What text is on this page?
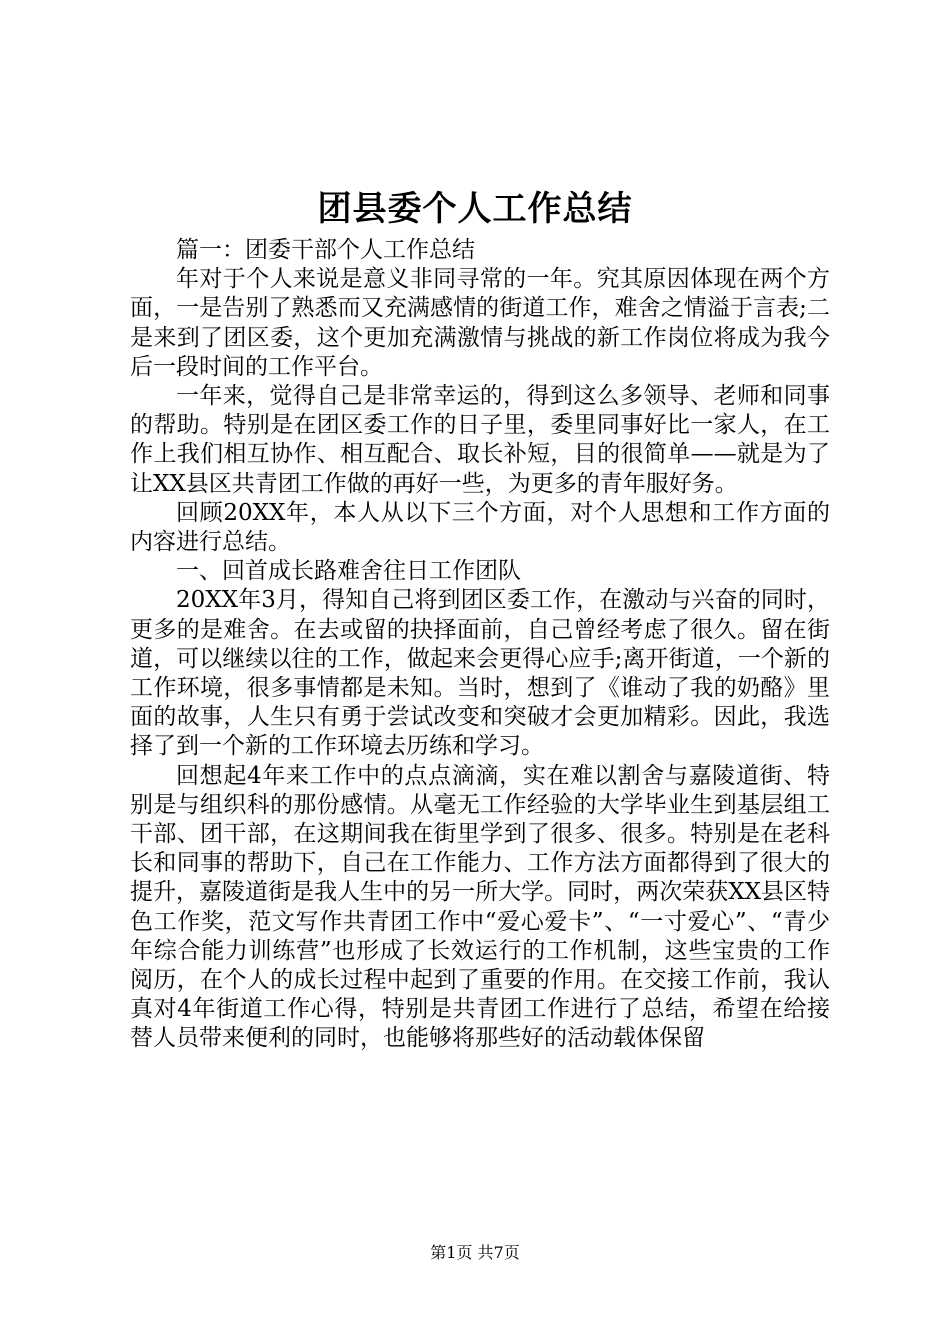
团县委个人工作总结

篇一：团委干部个人工作总结

年对于个人来说是意义非同寻常的一年。究其原因体现在两个方面，一是告别了熟悉而又充满感情的街道工作，难舍之情溢于言表;二是来到了团区委，这个更加充满激情与挑战的新工作岗位将成为我今后一段时间的工作平台。

一年来，觉得自己是非常幸运的，得到这么多领导、老师和同事的帮助。特别是在团区委工作的日子里，委里同事好比一家人，在工作上我们相互协作、相互配合、取长补短，目的很简单——就是为了让XX县区共青团工作做的再好一些，为更多的青年服好务。

回顾20XX年，本人从以下三个方面，对个人思想和工作方面的内容进行总结。

一、回首成长路难舍往日工作团队

20XX年3月，得知自己将到团区委工作，在激动与兴奋的同时，更多的是难舍。在去或留的抉择面前，自己曾经考虑了很久。留在街道，可以继续以往的工作，做起来会更得心应手;离开街道，一个新的工作环境，很多事情都是未知。当时，想到了《谁动了我的奶酪》里面的故事，人生只有勇于尝试改变和突破才会更加精彩。因此，我选择了到一个新的工作环境去历练和学习。

回想起4年来工作中的点点滴滴，实在难以割舍与嘉陵道街、特别是与组织科的那份感情。从毫无工作经验的大学毕业生到基层组工干部、团干部，在这期间我在街里学到了很多、很多。特别是在老科长和同事的帮助下，自己在工作能力、工作方法方面都得到了很大的提升，嘉陵道街是我人生中的另一所大学。同时，两次荣获XX县区特色工作奖，范文写作共青团工作中“爱心爱卡”、“一寸爱心”、“青少年综合能力训练营”也形成了长效运行的工作机制，这些宝贵的工作阅历，在个人的成长过程中起到了重要的作用。在交接工作前，我认真对4年街道工作心得，特别是共青团工作进行了总结，希望在给接替人员带来便利的同时，也能够将那些好的活动载体保留

第1页 共7页
